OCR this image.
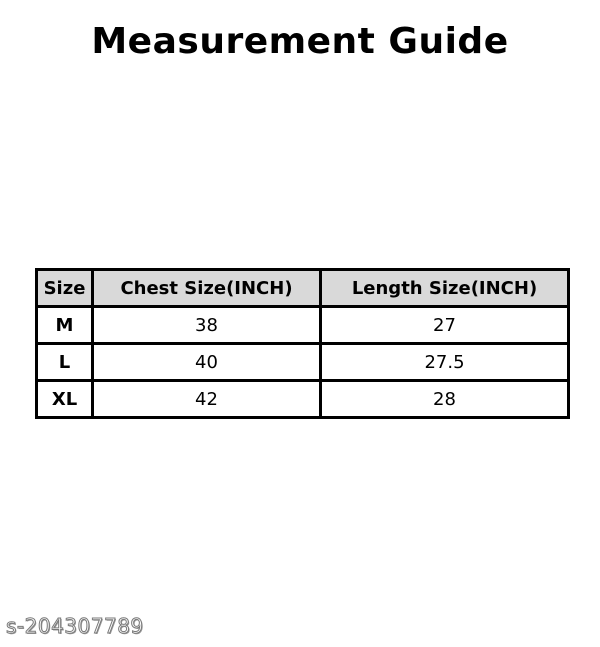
Measurement Guide
Size	Chest Size(INCH)	Length Size(INCH)
M	38	27
L	40	27.5
XL	42	28
s-204307789
